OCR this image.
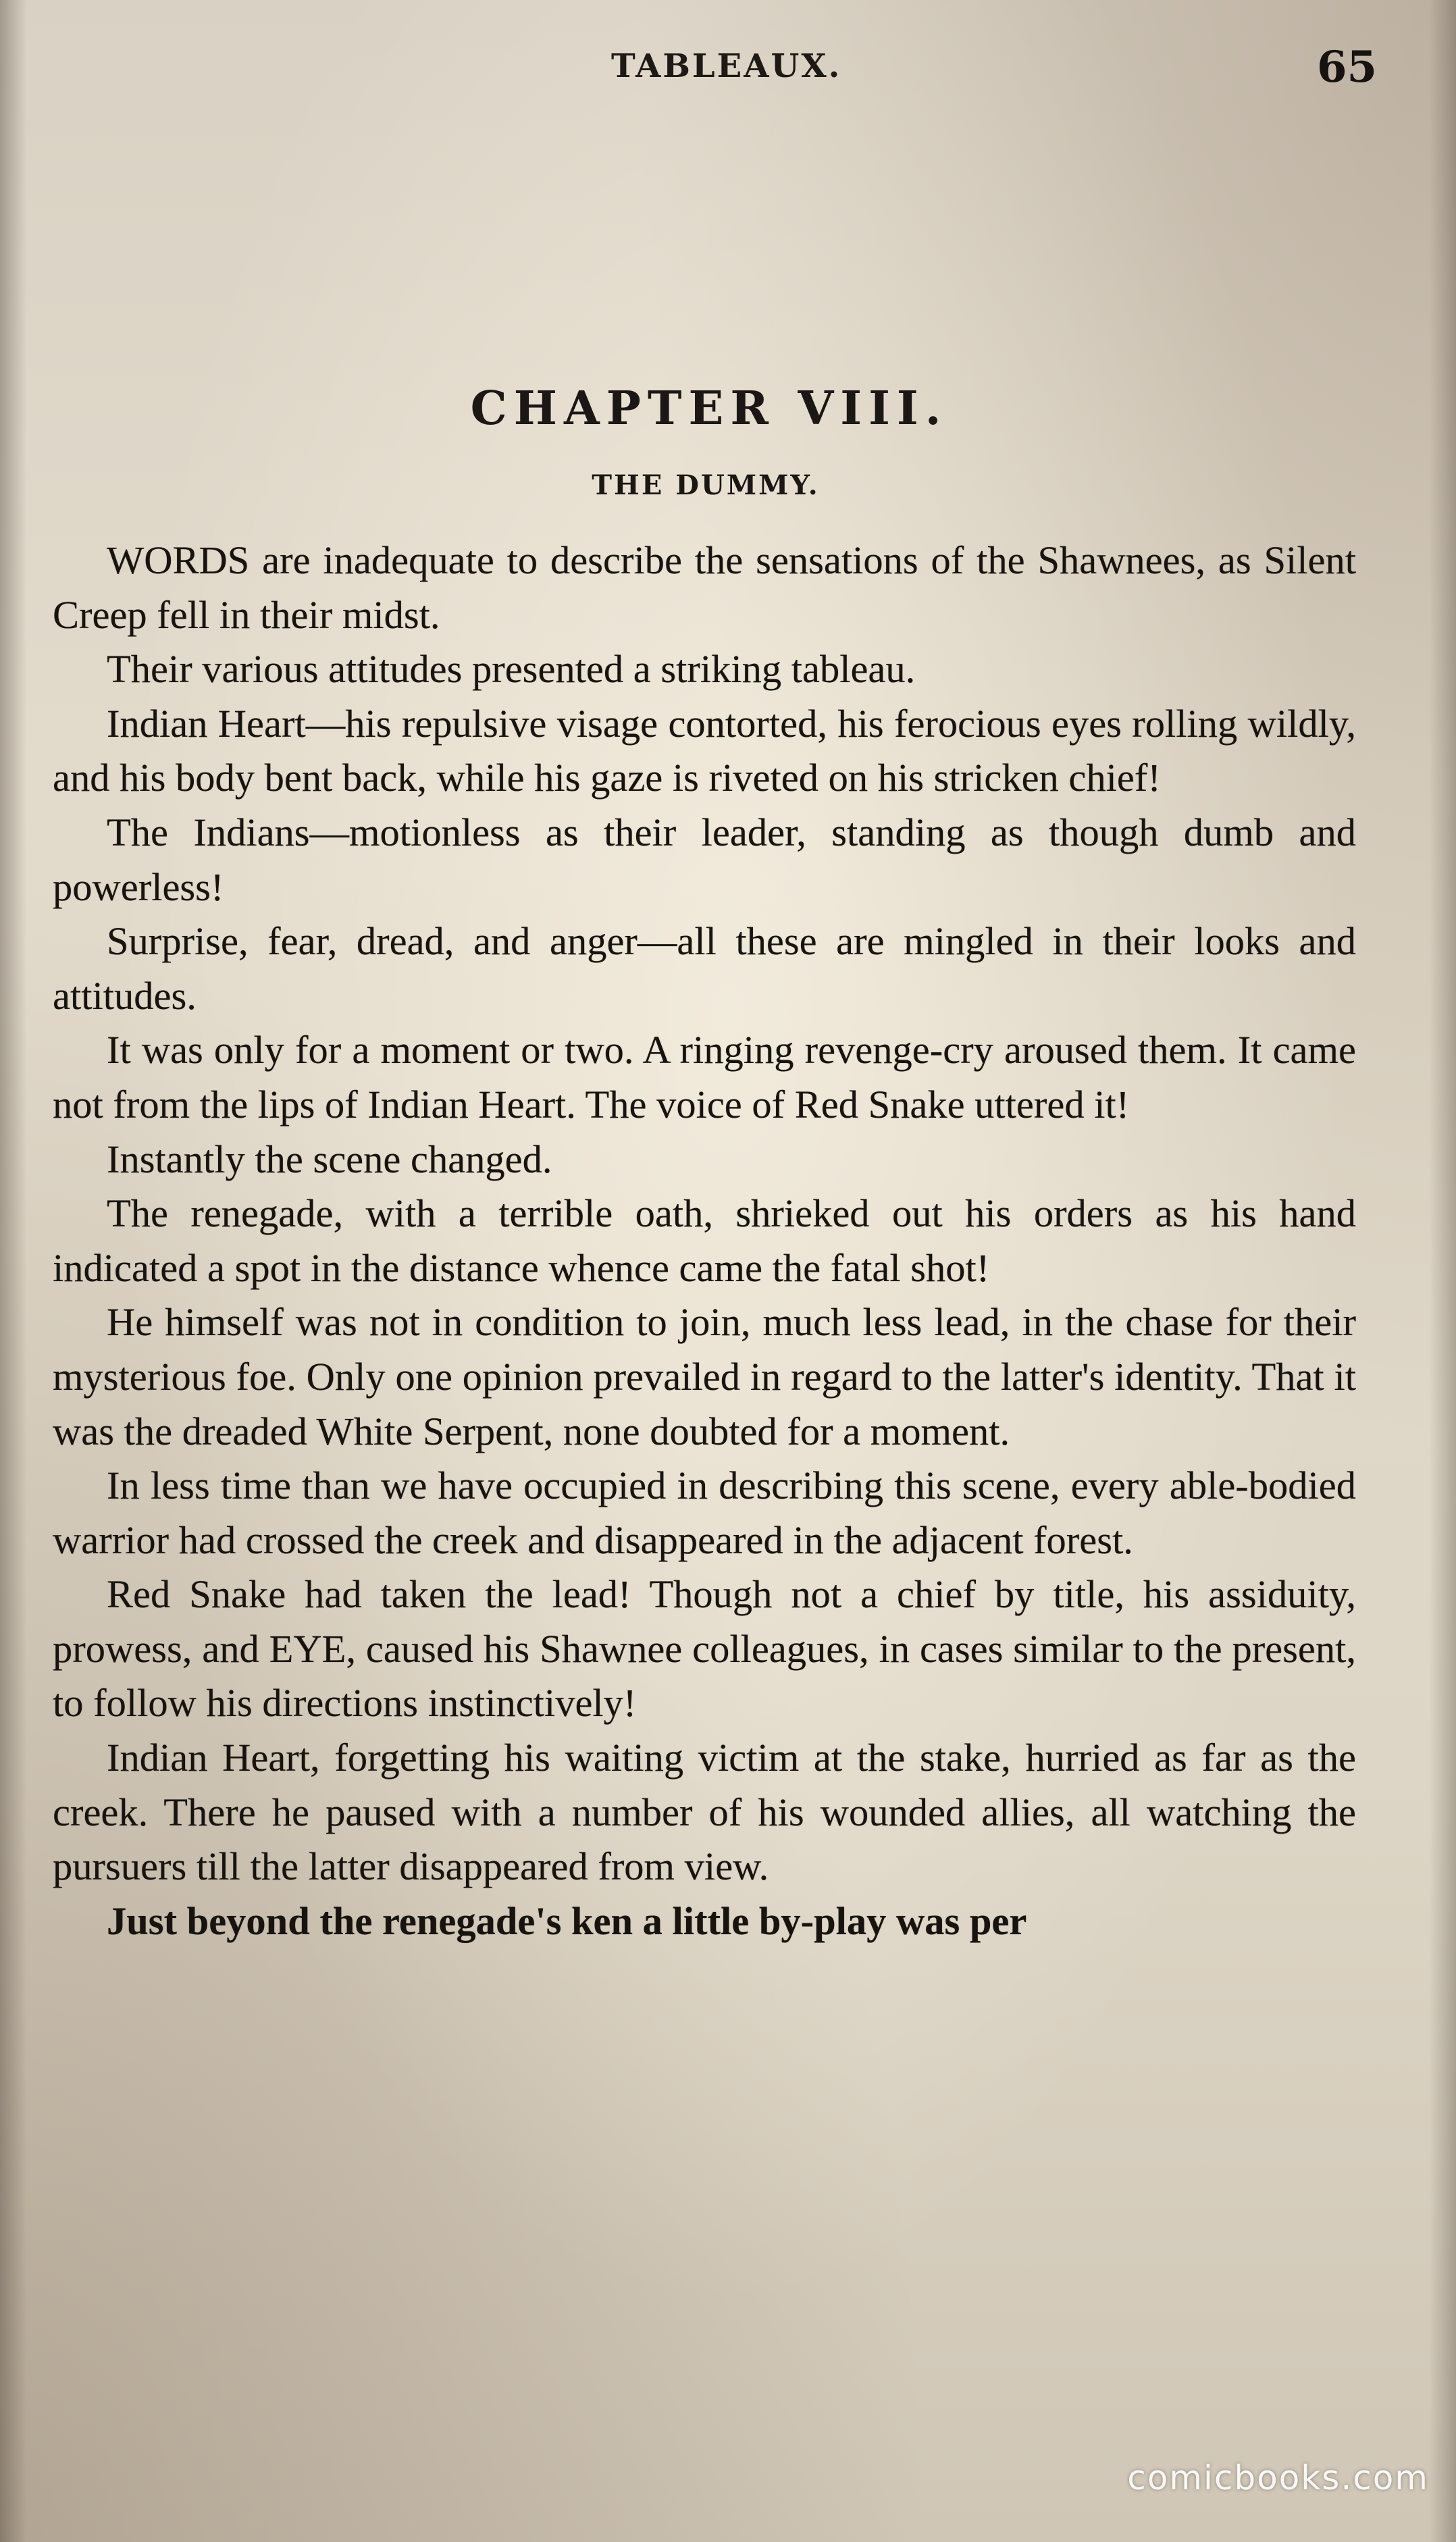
TABLEAUX.	65
CHAPTER VIII.
THE DUMMY.

WORDS are inadequate to describe the sensations of the Shawnees, as Silent Creep fell in their midst.

Their various attitudes presented a striking tableau.

Indian Heart—his repulsive visage contorted, his ferocious eyes rolling wildly, and his body bent back, while his gaze is riveted on his stricken chief!

The Indians—motionless as their leader, standing as though dumb and powerless!

Surprise, fear, dread, and anger—all these are mingled in their looks and attitudes.

It was only for a moment or two. A ringing revenge-cry aroused them. It came not from the lips of Indian Heart. The voice of Red Snake uttered it!

Instantly the scene changed.

The renegade, with a terrible oath, shrieked out his orders as his hand indicated a spot in the distance whence came the fatal shot!

He himself was not in condition to join, much less lead, in the chase for their mysterious foe. Only one opinion prevailed in regard to the latter's identity. That it was the dreaded White Serpent, none doubted for a moment.

In less time than we have occupied in describing this scene, every able-bodied warrior had crossed the creek and disappeared in the adjacent forest.

Red Snake had taken the lead! Though not a chief by title, his assiduity, prowess, and EYE, caused his Shawnee colleagues, in cases similar to the present, to follow his directions instinctively!

Indian Heart, forgetting his waiting victim at the stake, hurried as far as the creek. There he paused with a number of his wounded allies, all watching the pursuers till the latter disappeared from view.

Just beyond the renegade's ken a little by-play was per

comicbooks.com
